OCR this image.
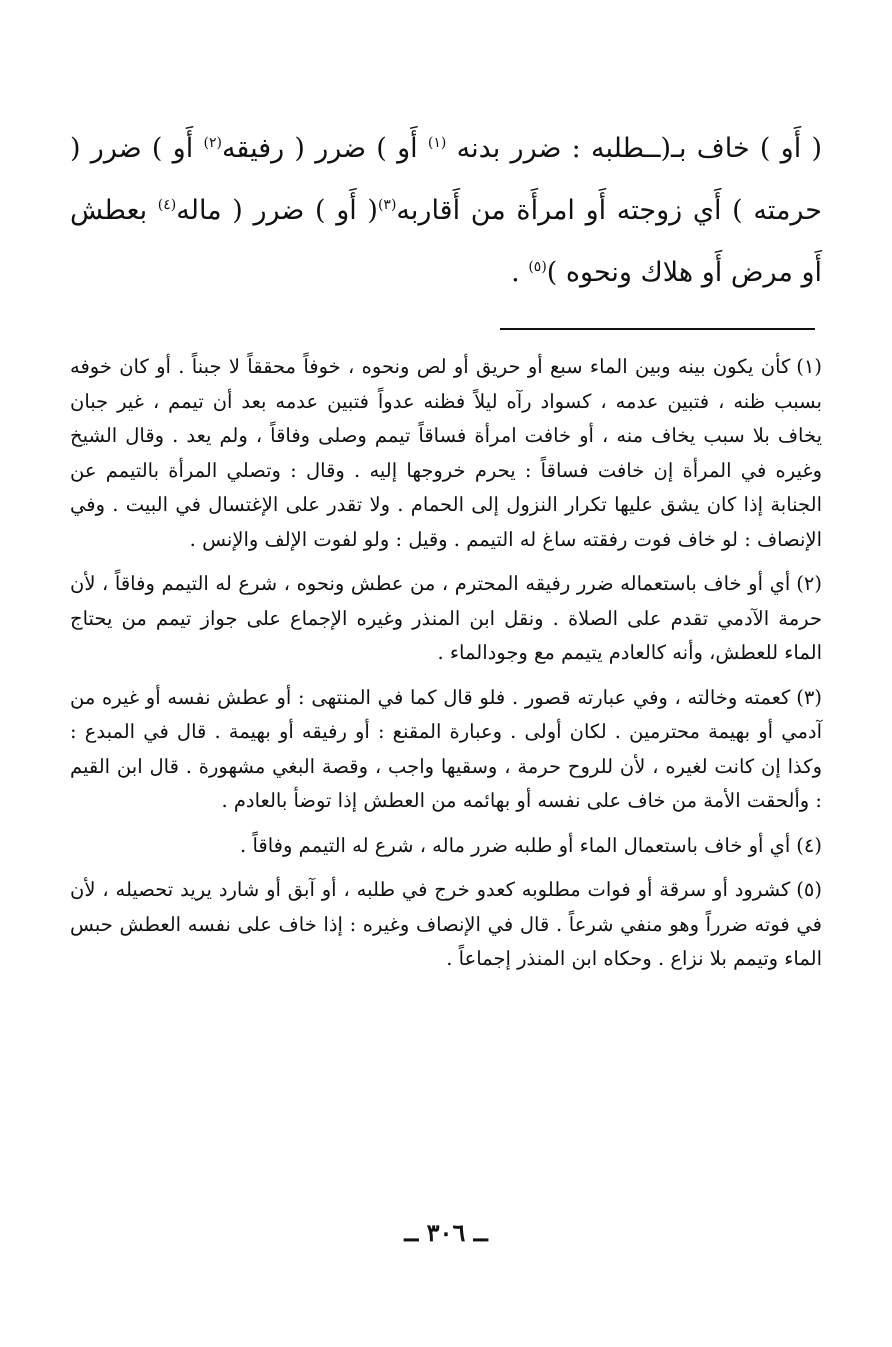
( أَو ) خاف بـ(ــطلبه : ضرر بدنه $^{(١)}$ أَو ) ضرر ( رفيقه$^{(٢)}$ أَو ) ضرر ( حرمته ) أَي زوجته أَو امرأَة من أَقاربه$^{(٣)}$( أَو ) ضرر ( ماله$^{(٤)}$ بعطش أَو مرض أَو هلاك ونحوه )$^{(٥)}$ .

(١)كأن يكون بينه وبين الماء سبع أو حريق أو لص ونحوه ، خوفاً محققاً لا جبناً . أو كان خوفه بسبب ظنه ، فتبين عدمه ، كسواد رآه ليلاً فظنه عدواً فتبين عدمه بعد أن تيمم ، غير جبان يخاف بلا سبب يخاف منه ، أو خافت امرأة فساقاً تيمم وصلى وفاقاً ، ولم يعد . وقال الشيخ وغيره في المرأة إن خافت فساقاً : يحرم خروجها إليه . وقال : وتصلي المرأة بالتيمم عن الجنابة إذا كان يشق عليها تكرار النزول إلى الحمام . ولا تقدر على الإغتسال في البيت . وفي الإنصاف : لو خاف فوت رفقته ساغ له التيمم . وقيل : ولو لفوت الإلف والإنس .

(٢)أي أو خاف باستعماله ضرر رفيقه المحترم ، من عطش ونحوه ، شرع له التيمم وفاقاً ، لأن حرمة الآدمي تقدم على الصلاة . ونقل ابن المنذر وغيره الإجماع على جواز تيمم من يحتاج الماء للعطش، وأنه كالعادم يتيمم مع وجودالماء .

(٣)كعمته وخالته ، وفي عبارته قصور . فلو قال كما في المنتهى : أو عطش نفسه أو غيره من آدمي أو بهيمة محترمين . لكان أولى . وعبارة المقنع : أو رفيقه أو بهيمة . قال في المبدع : وكذا إن كانت لغيره ، لأن للروح حرمة ، وسقيها واجب ، وقصة البغي مشهورة . قال ابن القيم : وألحقت الأمة من خاف على نفسه أو بهائمه من العطش إذا توضأ بالعادم .

(٤)أي أو خاف باستعمال الماء أو طلبه ضرر ماله ، شرع له التيمم وفاقاً .

(٥)كشرود أو سرقة أو فوات مطلوبه كعدو خرج في طلبه ، أو آبق أو شارد يريد تحصيله ، لأن في فوته ضرراً وهو منفي شرعاً . قال في الإنصاف وغيره : إذا خاف على نفسه العطش حبس الماء وتيمم بلا نزاع . وحكاه ابن المنذر إجماعاً .

ــ ٣٠٦ ــ
